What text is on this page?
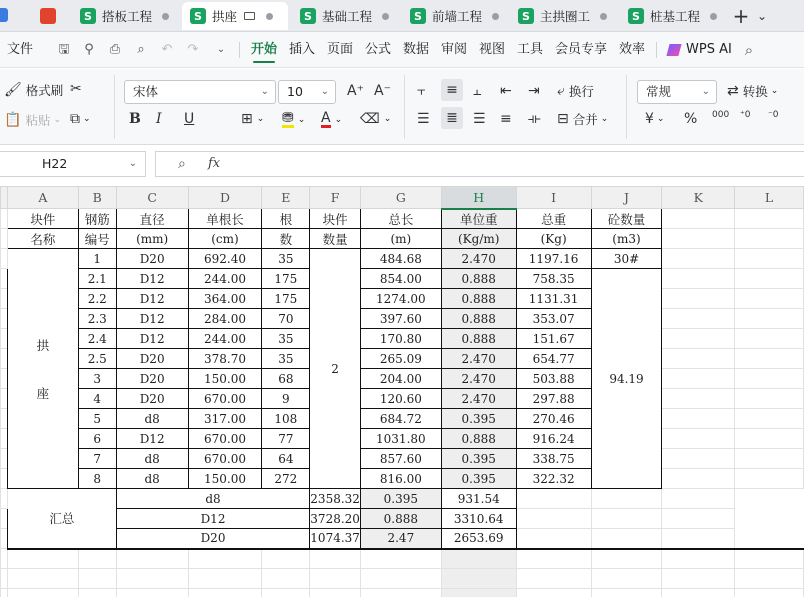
S 搭板工程	S 拱座	S 基础工程	S 前墙工程	S 主拱圈工	S 桩基工程 + ⌄
文件 🖫	⚲	⎙	⌕	↶ ↷	⌄	开始 插入 页面 公式 数据 审阅 视图 工具 会员专享 效率	WPS AI ⌕
🖌 格式刷 ✂
📋 粘贴 ⌄ ⧉ ⌄
宋体	⌄	10 ⌄ A⁺ A⁻
B I U	⊞ ⌄ ⛃ ⌄ A ⌄ ⌫ ⌄
⫟ ≡ ⫠ ⇤ ⇥ ⤶ 换行
☰ ≣ ☰ ≡ ⟛ ⊟ 合并 ⌄
常规	⌄ ⇄ 转换 ⌄
¥ ⌄ % 000 ⁺0 ⁻0
H22	⌄	⌕ fx
	A	B	C	D	E	F	G	H	I	J	K	L
	块件	钢筋	直径	单根长	根	块件	总长	单位重	总重	砼数量		
	名称	编号	(mm)	(cm)	数	数量	(m)	(Kg/m)	(Kg)	(m3)		
	拱

座	1	D20	692.40	35	2	484.68	2.470	1197.16	30#		
		2.1	D12	244.00	175		854.00	0.888	758.35	94.19		
		2.2	D12	364.00	175		1274.00	0.888	1131.31			
		2.3	D12	284.00	70		397.60	0.888	353.07			
		2.4	D12	244.00	35		170.80	0.888	151.67			
		2.5	D20	378.70	35		265.09	2.470	654.77			
		3	D20	150.00	68		204.00	2.470	503.88			
		4	D20	670.00	9		120.60	2.470	297.88			
		5	d8	317.00	108		684.72	0.395	270.46			
		6	D12	670.00	77		1031.80	0.888	916.24			
		7	d8	670.00	64		857.60	0.395	338.75			
		8	d8	150.00	272		816.00	0.395	322.32			
	汇总		d8			2358.32	0.395	931.54				
			D12			3728.20	0.888	3310.64				
			D20			1074.37	2.47	2653.69				
